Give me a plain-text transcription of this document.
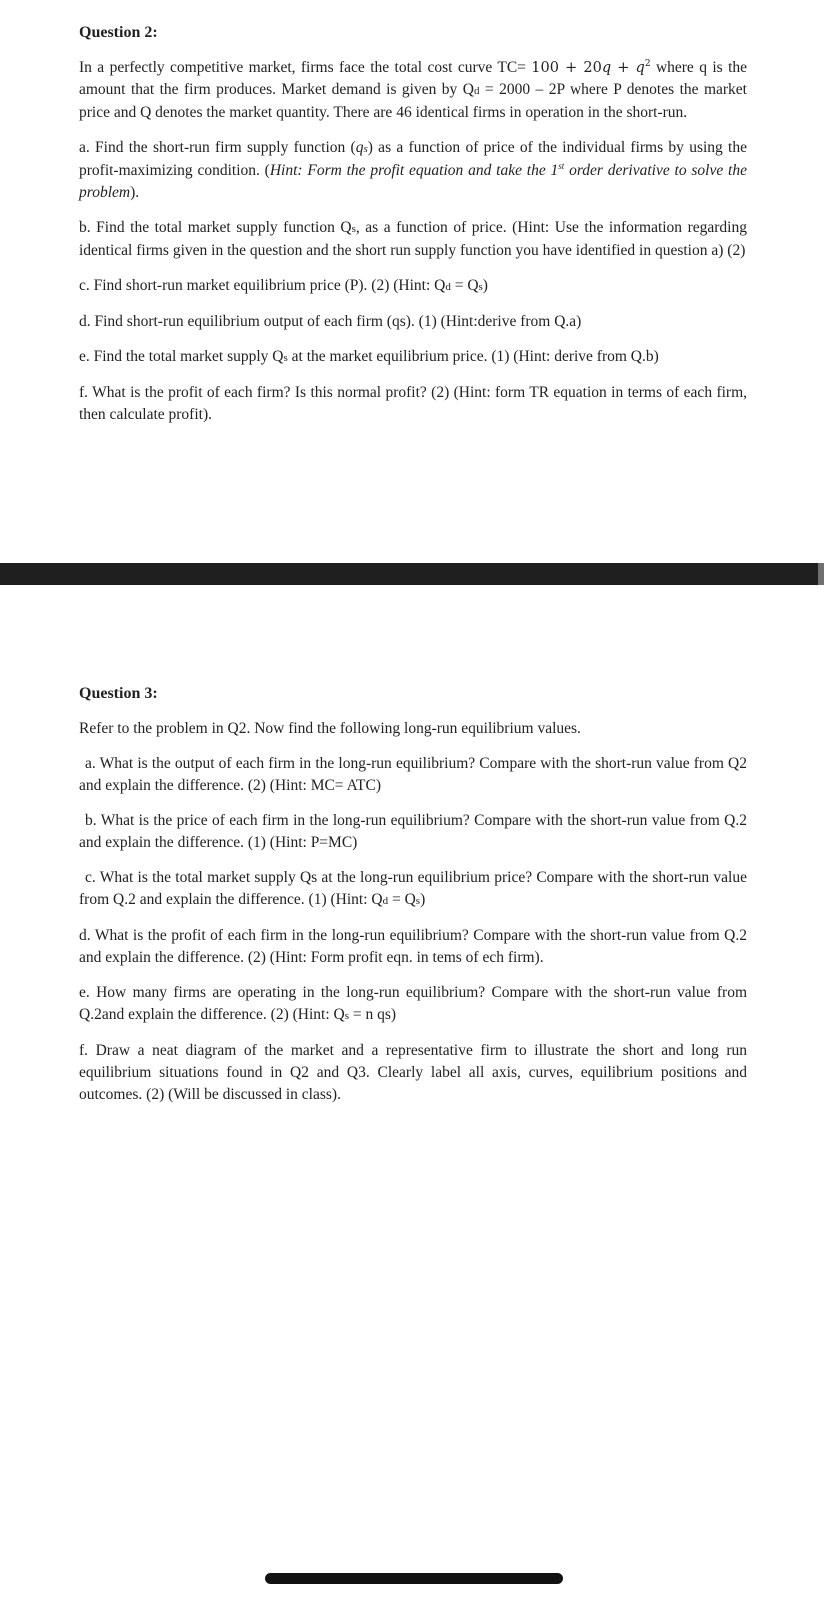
Question 2:

In a perfectly competitive market, firms face the total cost curve $TC= 100 + 20q + q^2$ where q is the amount that the firm produces. Market demand is given by Qd = 2000 – 2P where P denotes the market price and Q denotes the market quantity. There are 46 identical firms in operation in the short-run.

a. Find the short-run firm supply function (qs) as a function of price of the individual firms by using the profit-maximizing condition. (Hint: Form the profit equation and take the 1st order derivative to solve the problem).

b. Find the total market supply function Qs, as a function of price. (Hint: Use the information regarding identical firms given in the question and the short run supply function you have identified in question a) (2)

c. Find short-run market equilibrium price (P). (2) (Hint: Qd = Qs)

d. Find short-run equilibrium output of each firm (qs). (1) (Hint:derive from Q.a)

e. Find the total market supply Qs at the market equilibrium price. (1) (Hint: derive from Q.b)

f. What is the profit of each firm? Is this normal profit? (2) (Hint: form TR equation in terms of each firm, then calculate profit).

Question 3:

Refer to the problem in Q2. Now find the following long-run equilibrium values.

a. What is the output of each firm in the long-run equilibrium? Compare with the short-run value from Q2 and explain the difference. (2) (Hint: MC= ATC)

b. What is the price of each firm in the long-run equilibrium? Compare with the short-run value from Q.2 and explain the difference. (1) (Hint: P=MC)

c. What is the total market supply Qs at the long-run equilibrium price? Compare with the short-run value from Q.2 and explain the difference. (1) (Hint: Qd = Qs)

d. What is the profit of each firm in the long-run equilibrium? Compare with the short-run value from Q.2 and explain the difference. (2) (Hint: Form profit eqn. in tems of ech firm).

e. How many firms are operating in the long-run equilibrium? Compare with the short-run value from Q.2and explain the difference. (2) (Hint: Qs = n qs)

f. Draw a neat diagram of the market and a representative firm to illustrate the short and long run equilibrium situations found in Q2 and Q3. Clearly label all axis, curves, equilibrium positions and outcomes. (2) (Will be discussed in class).
